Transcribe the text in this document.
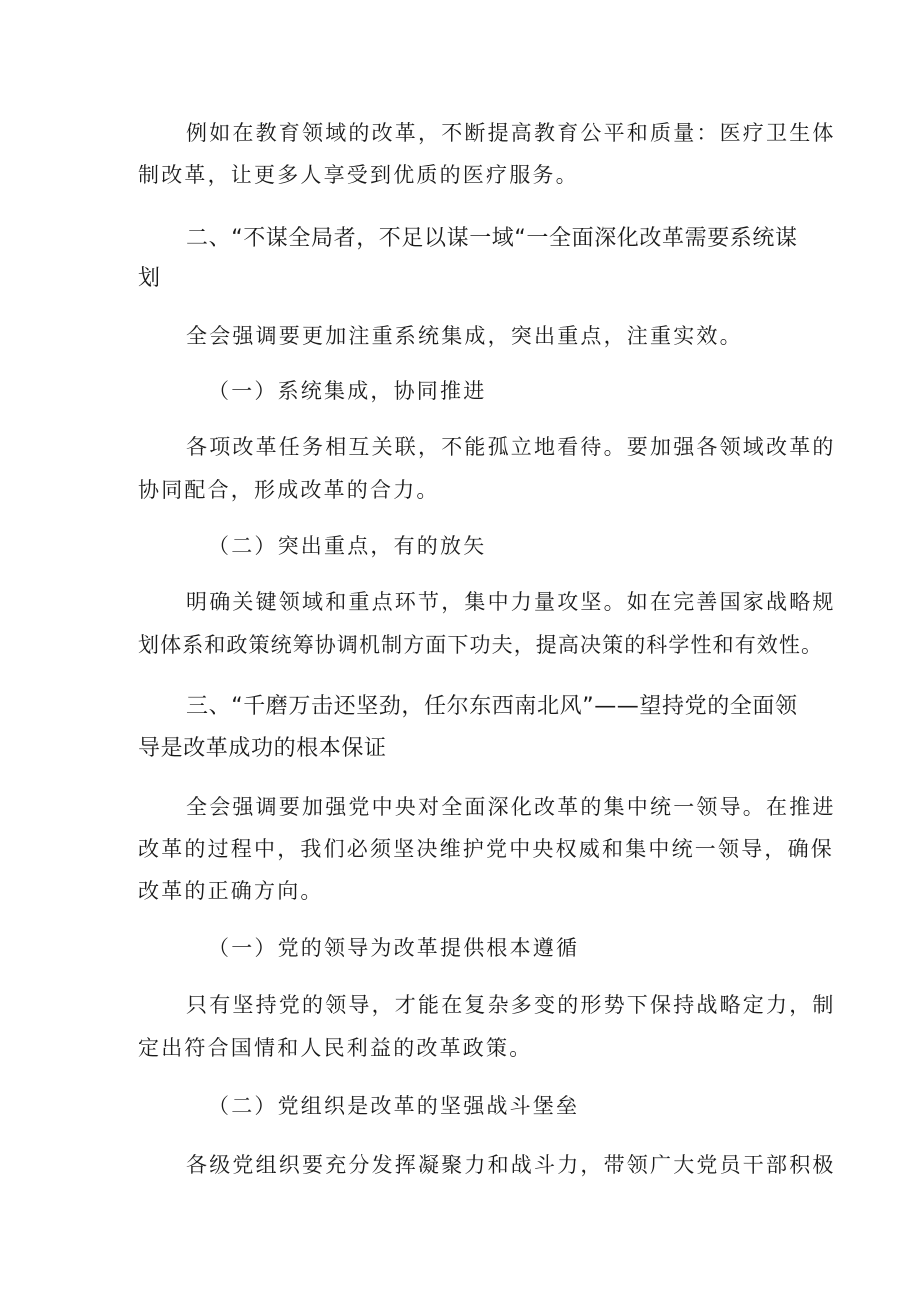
例如在教育领域的改革，不断提高教育公平和质量：医疗卫生体
制改革，让更多人享受到优质的医疗服务。
二、“不谋全局者，不足以谋一域“一全面深化改革需要系统谋
划
全会强调要更加注重系统集成，突出重点，注重实效。
（一）系统集成，协同推进
各项改革任务相互关联，不能孤立地看待。要加强各领域改革的
协同配合，形成改革的合力。
（二）突出重点，有的放矢
明确关键领域和重点环节，集中力量攻坚。如在完善国家战略规
划体系和政策统筹协调机制方面下功夫，提高决策的科学性和有效性。
三、“千磨万击还坚劲，任尔东西南北风”——望持党的全面领
导是改革成功的根本保证
全会强调要加强党中央对全面深化改革的集中统一领导。在推进
改革的过程中，我们必须坚决维护党中央权威和集中统一领导，确保
改革的正确方向。
（一）党的领导为改革提供根本遵循
只有坚持党的领导，才能在复杂多变的形势下保持战略定力，制
定出符合国情和人民利益的改革政策。
（二）党组织是改革的坚强战斗堡垒
各级党组织要充分发挥凝聚力和战斗力，带领广大党员干部积极
